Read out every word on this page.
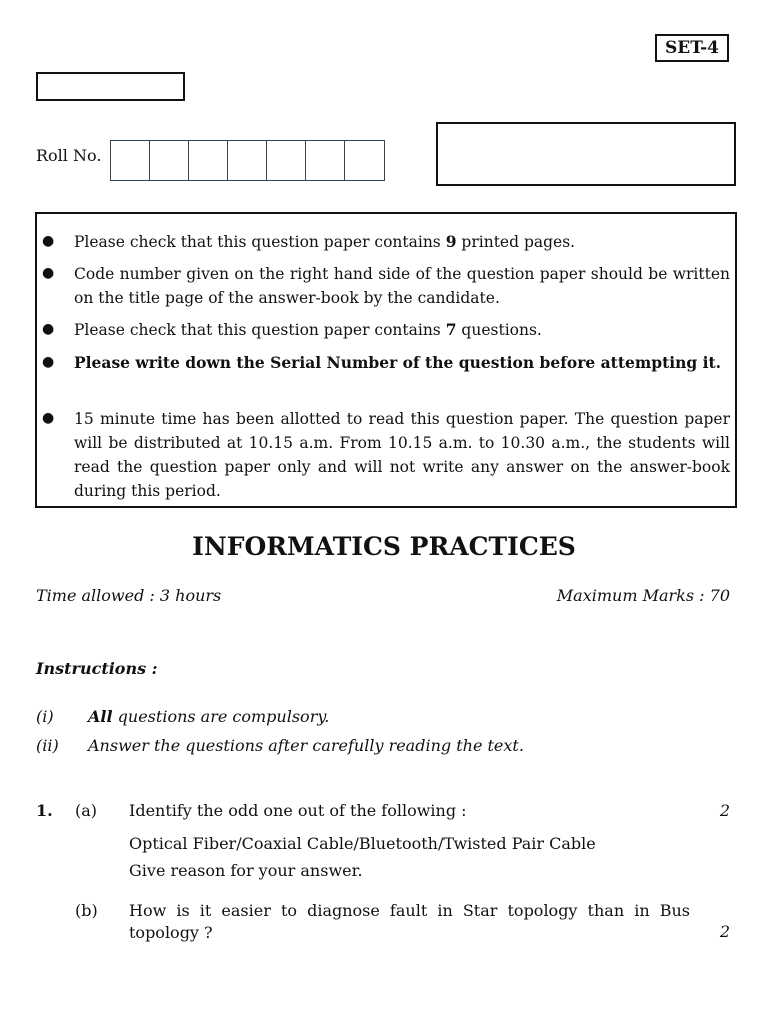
SET-4
Roll No.
● Please check that this question paper contains 9 printed pages.
● Code number given on the right hand side of the question paper should be written on the title page of the answer-book by the candidate.
● Please check that this question paper contains 7 questions.
● Please write down the Serial Number of the question before attempting it.
● 15 minute time has been allotted to read this question paper. The question paper will be distributed at 10.15 a.m. From 10.15 a.m. to 10.30 a.m., the students will read the question paper only and will not write any answer on the answer-book during this period.
INFORMATICS PRACTICES
Time allowed : 3 hours	Maximum Marks : 70
Instructions :
(i) All questions are compulsory.
(ii) Answer the questions after carefully reading the text.
1. (a) Identify the odd one out of the following :	2
Optical Fiber/Coaxial Cable/Bluetooth/Twisted Pair Cable
Give reason for your answer.
(b) How is it easier to diagnose fault in Star topology than in Bus topology ?	2
